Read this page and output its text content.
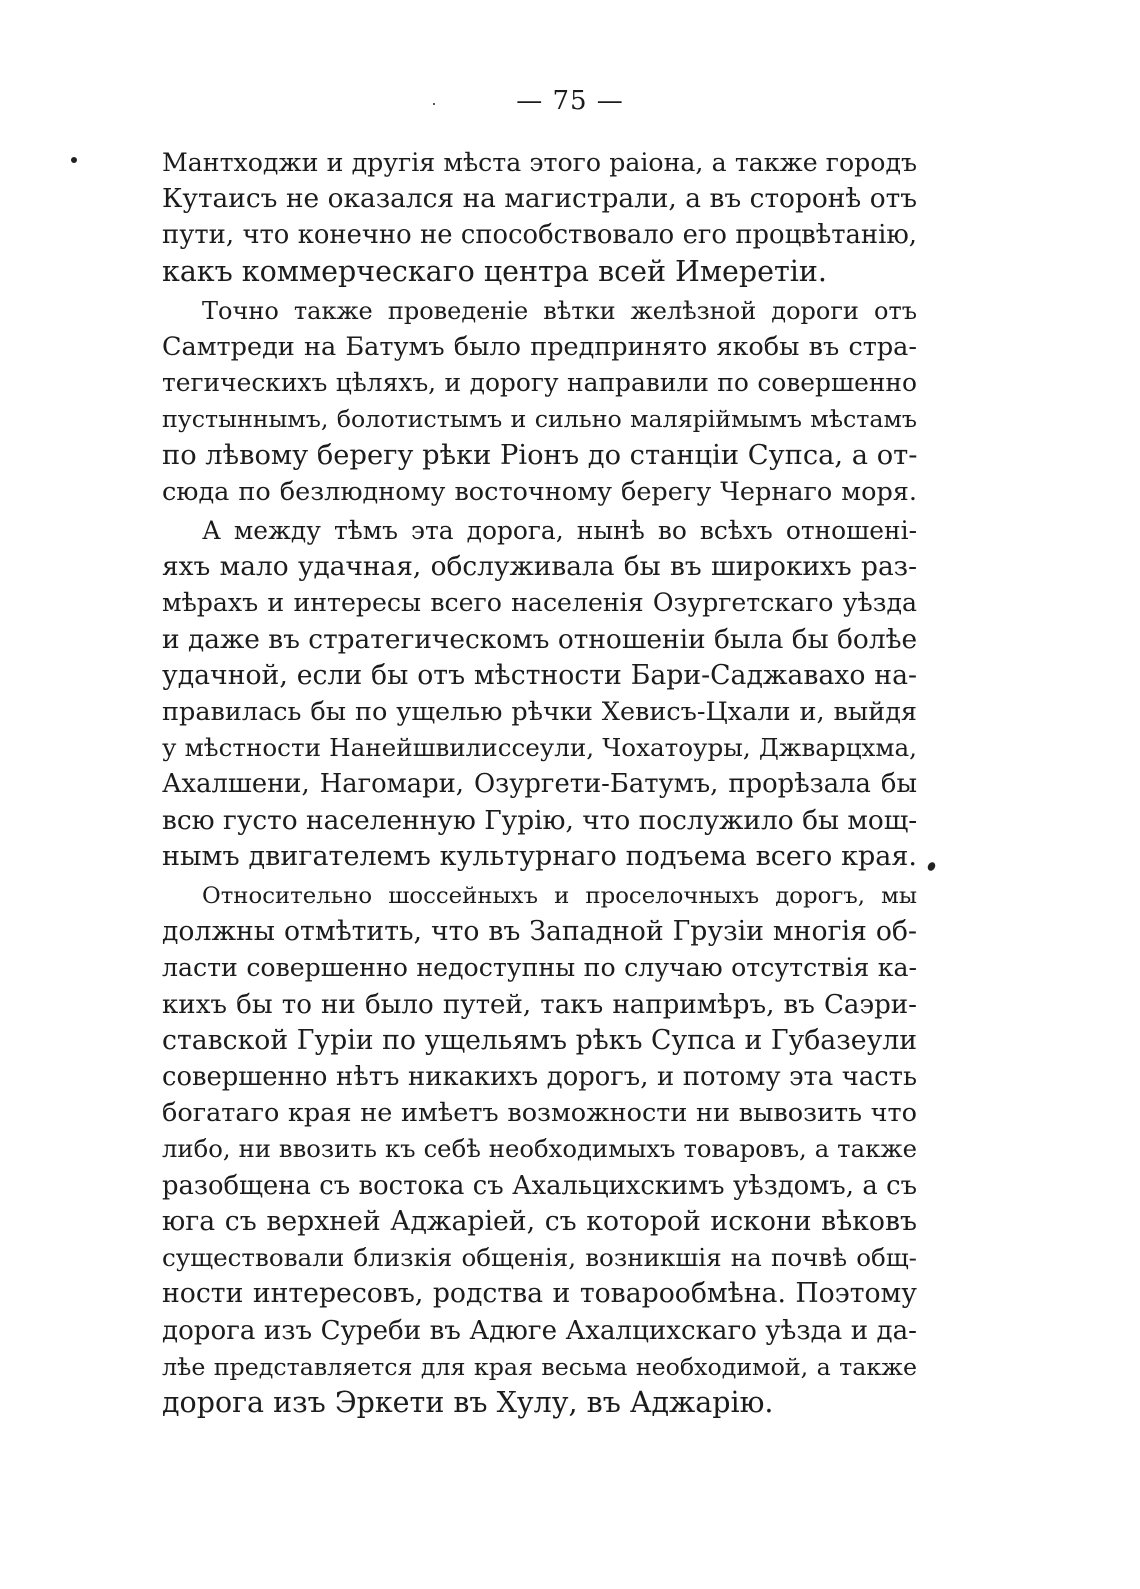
— 75 —

Мантходжи и другія мѣста этого раіона, а также городъ
Кутаисъ не оказался на магистрали, а въ сторонѣ отъ
пути, что конечно не способствовало его процвѣтанію,
какъ коммерческаго центра всей Имеретіи.

Точно также проведеніе вѣтки желѣзной дороги отъ
Самтреди на Батумъ было предпринято якобы въ стра-
тегическихъ цѣляхъ, и дорогу направили по совершенно
пустыннымъ, болотистымъ и сильно маляріймымъ мѣстамъ
по лѣвому берегу рѣки Ріонъ до станціи Супса, а от-
сюда по безлюдному восточному берегу Чернаго моря.

А между тѣмъ эта дорога, нынѣ во всѣхъ отношені-
яхъ мало удачная, обслуживала бы въ широкихъ раз-
мѣрахъ и интересы всего населенія Озургетскаго уѣзда
и даже въ стратегическомъ отношеніи была бы болѣе
удачной, если бы отъ мѣстности Бари-Саджавахо на-
правилась бы по ущелью рѣчки Хевисъ-Цхали и, выйдя
у мѣстности Нанейшвилиссеули, Чохатоуры, Джварцхма,
Ахалшени, Нагомари, Озургети-Батумъ, прорѣзала бы
всю густо населенную Гурію, что послужило бы мощ-
нымъ двигателемъ культурнаго подъема всего края.

Относительно шоссейныхъ и проселочныхъ дорогъ, мы
должны отмѣтить, что въ Западной Грузіи многія об-
ласти совершенно недоступны по случаю отсутствія ка-
кихъ бы то ни было путей, такъ напримѣръ, въ Саэри-
ставской Гуріи по ущельямъ рѣкъ Супса и Губазеули
совершенно нѣтъ никакихъ дорогъ, и потому эта часть
богатаго края не имѣетъ возможности ни вывозить что
либо, ни ввозить къ себѣ необходимыхъ товаровъ, а также
разобщена съ востока съ Ахальцихскимъ уѣздомъ, а съ
юга съ верхней Аджаріей, съ которой искони вѣковъ
существовали близкія общенія, возникшія на почвѣ общ-
ности интересовъ, родства и товарообмѣна. Поэтому
дорога изъ Суреби въ Адюге Ахалцихскаго уѣзда и да-
лѣе представляется для края весьма необходимой, а также
дорога изъ Эркети въ Хулу, въ Аджарію.
